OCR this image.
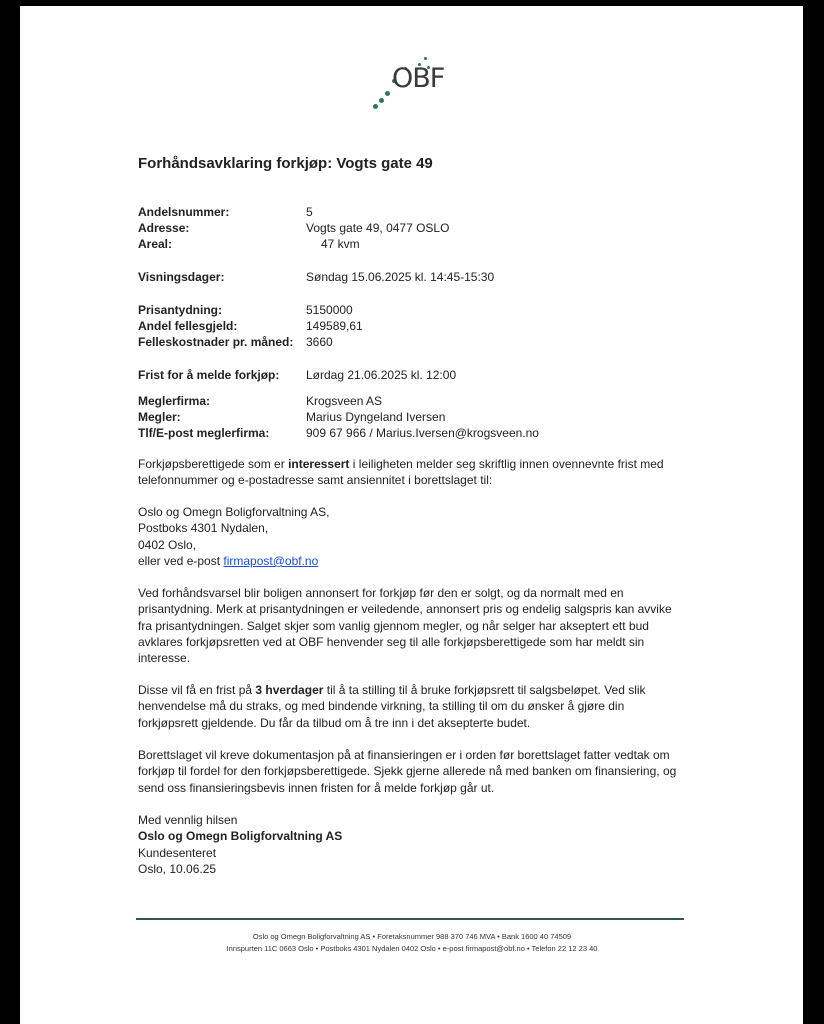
OBF
Forhåndsavklaring forkjøp: Vogts gate 49
Andelsnummer:	5
Adresse:	Vogts gate 49, 0477 OSLO
Areal:	47 kvm
Visningsdager:	Søndag 15.06.2025 kl. 14:45-15:30
Prisantydning:	5150000
Andel fellesgjeld:	149589,61
Felleskostnader pr. måned: 3660
Frist for å melde forkjøp: Lørdag 21.06.2025 kl. 12:00
Meglerfirma:	Krogsveen AS
Megler:	Marius Dyngeland Iversen
Tlf/E-post meglerfirma:	909 67 966 / Marius.Iversen@krogsveen.no
Forkjøpsberettigede som er interessert i leiligheten melder seg skriftlig innen ovennevnte frist med telefonnummer og e-postadresse samt ansiennitet i borettslaget til:
Oslo og Omegn Boligforvaltning AS,
Postboks 4301 Nydalen,
0402 Oslo,
eller ved e-post firmapost@obf.no
Ved forhåndsvarsel blir boligen annonsert for forkjøp før den er solgt, og da normalt med en prisantydning. Merk at prisantydningen er veiledende, annonsert pris og endelig salgspris kan avvike fra prisantydningen. Salget skjer som vanlig gjennom megler, og når selger har akseptert ett bud avklares forkjøpsretten ved at OBF henvender seg til alle forkjøpsberettigede som har meldt sin interesse.
Disse vil få en frist på 3 hverdager til å ta stilling til å bruke forkjøpsrett til salgsbeløpet. Ved slik henvendelse må du straks, og med bindende virkning, ta stilling til om du ønsker å gjøre din forkjøpsrett gjeldende. Du får da tilbud om å tre inn i det aksepterte budet.
Borettslaget vil kreve dokumentasjon på at finansieringen er i orden før borettslaget fatter vedtak om forkjøp til fordel for den forkjøpsberettigede. Sjekk gjerne allerede nå med banken om finansiering, og send oss finansieringsbevis innen fristen for å melde forkjøp går ut.
Med vennlig hilsen
Oslo og Omegn Boligforvaltning AS
Kundesenteret
Oslo, 10.06.25
Oslo og Omegn Boligforvaltning AS • Foretaksnummer 988 370 746 MVA • Bank 1600 40 74509
Innspurten 11C 0663 Oslo • Postboks 4301 Nydalen 0402 Oslo • e-post firmapost@obf.no • Telefon 22 12 23 40
